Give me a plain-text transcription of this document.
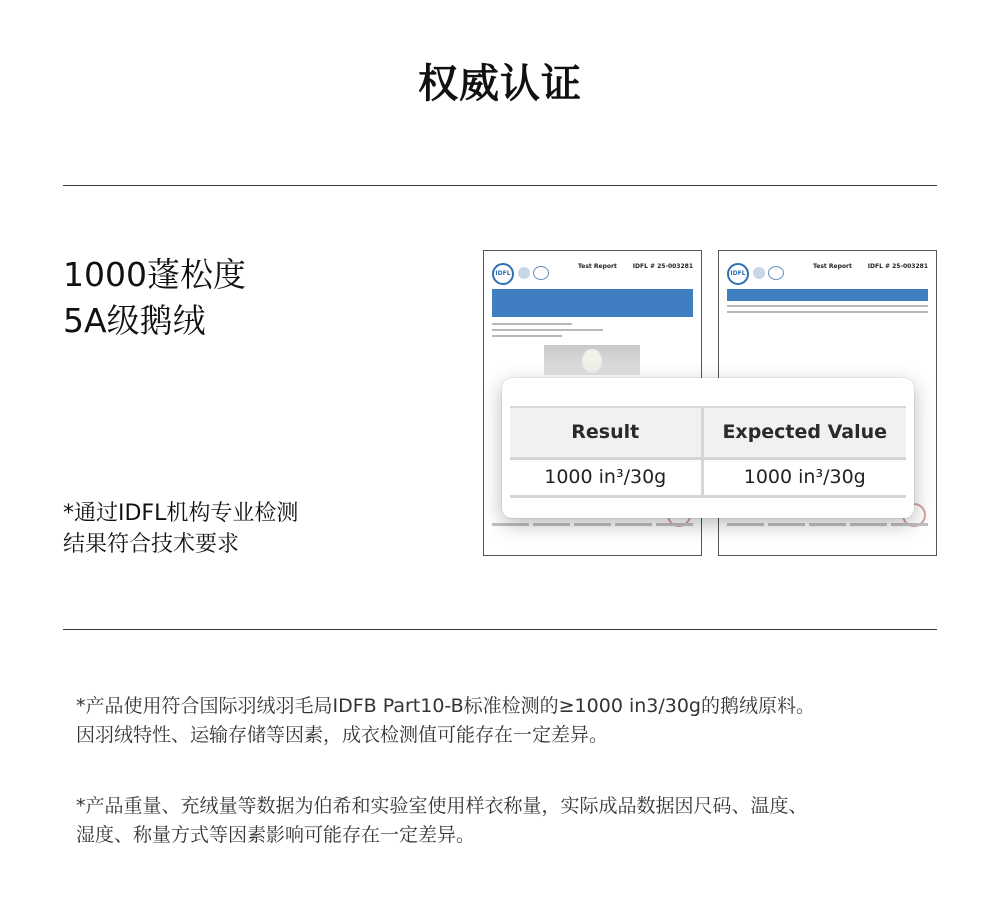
权威认证
1000蓬松度
5A级鹅绒
*通过IDFL机构专业检测
结果符合技术要求
IDFL
Test Report	IDFL # 25-003281
IDFL
Test Report	IDFL # 25-003281
Result	Expected Value
1000 in³/30g	1000 in³/30g
*产品使用符合国际羽绒羽毛局IDFB Part10-B标准检测的≥1000 in3/30g的鹅绒原料。
因羽绒特性、运输存储等因素，成衣检测值可能存在一定差异。
*产品重量、充绒量等数据为伯希和实验室使用样衣称量，实际成品数据因尺码、温度、
湿度、称量方式等因素影响可能存在一定差异。
